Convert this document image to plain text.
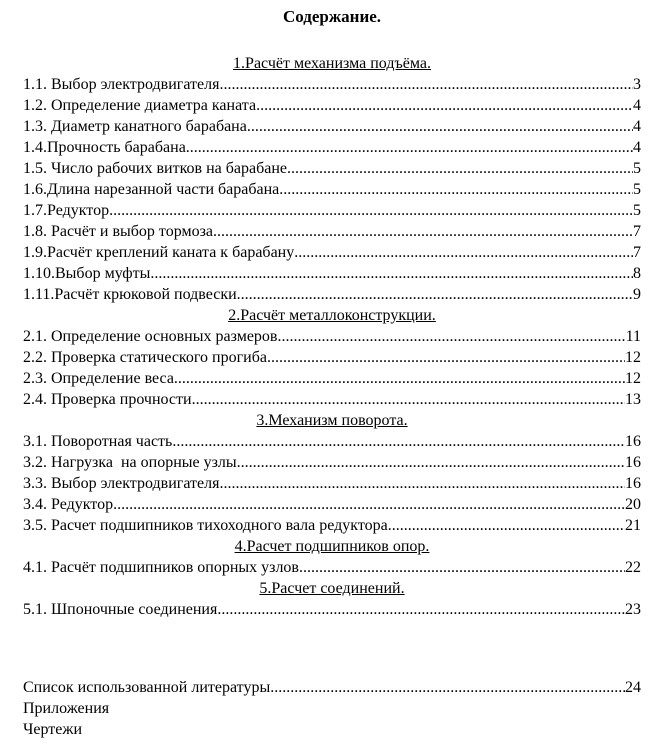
Содержание.
1.Расчёт механизма подъёма.
1.1. Выбор электродвигателя .....	3
1.2. Определение диаметра каната .....	4
1.3. Диаметр канатного барабана .....	4
1.4.Прочность барабана .....	4
1.5. Число рабочих витков на барабане .....	5
1.6.Длина нарезанной части барабана .....	5
1.7.Редуктор .....	5
1.8. Расчёт и выбор тормоза .....	7
1.9.Расчёт креплений каната к барабану .....	7
1.10.Выбор муфты .....	8
1.11.Расчёт крюковой подвески .....	9
2.Расчёт металлоконструкции.
2.1. Определение основных размеров .....	11
2.2. Проверка статического прогиба .....	12
2.3. Определение веса .....	12
2.4. Проверка прочности .....	13
3.Механизм поворота.
3.1. Поворотная часть .....	16
3.2. Нагрузка  на опорные узлы .....	16
3.3. Выбор электродвигателя .....	16
3.4. Редуктор .....	20
3.5. Расчет подшипников тихоходного вала редуктора .....	21
4.Расчет подшипников опор.
4.1. Расчёт подшипников опорных узлов .....	22
5.Расчет соединений.
5.1. Шпоночные соединения .....	23
Список использованной литературы .....	24
Приложения
Чертежи
